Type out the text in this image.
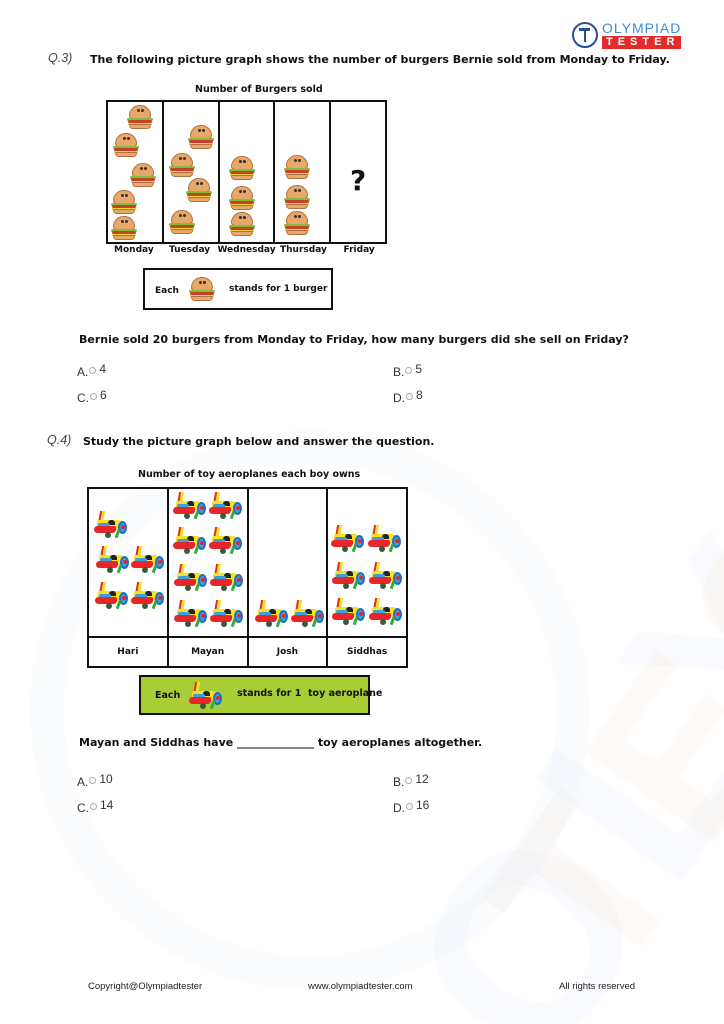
OLYMPIAD
TESTER
Q.3) The following picture graph shows the number of burgers Bernie sold from Monday to Friday.
Number of Burgers sold
?
Monday	Tuesday Wednesday Thursday	Friday
Each	stands for 1 burger
Bernie sold 20 burgers from Monday to Friday, how many burgers did she sell on Friday?
A. 4	B. 5
C. 6	D. 8
Q.4) Study the picture graph below and answer the question.
Number of toy aeroplanes each boy owns
Hari	Mayan	Josh	Siddhas
Each	stands for 1  toy aeroplane
Mayan and Siddhas have ______________ toy aeroplanes altogether.
A. 10	B. 12
C. 14	D. 16
Copyright@Olympiadtester	www.olympiadtester.com	All rights reserved
